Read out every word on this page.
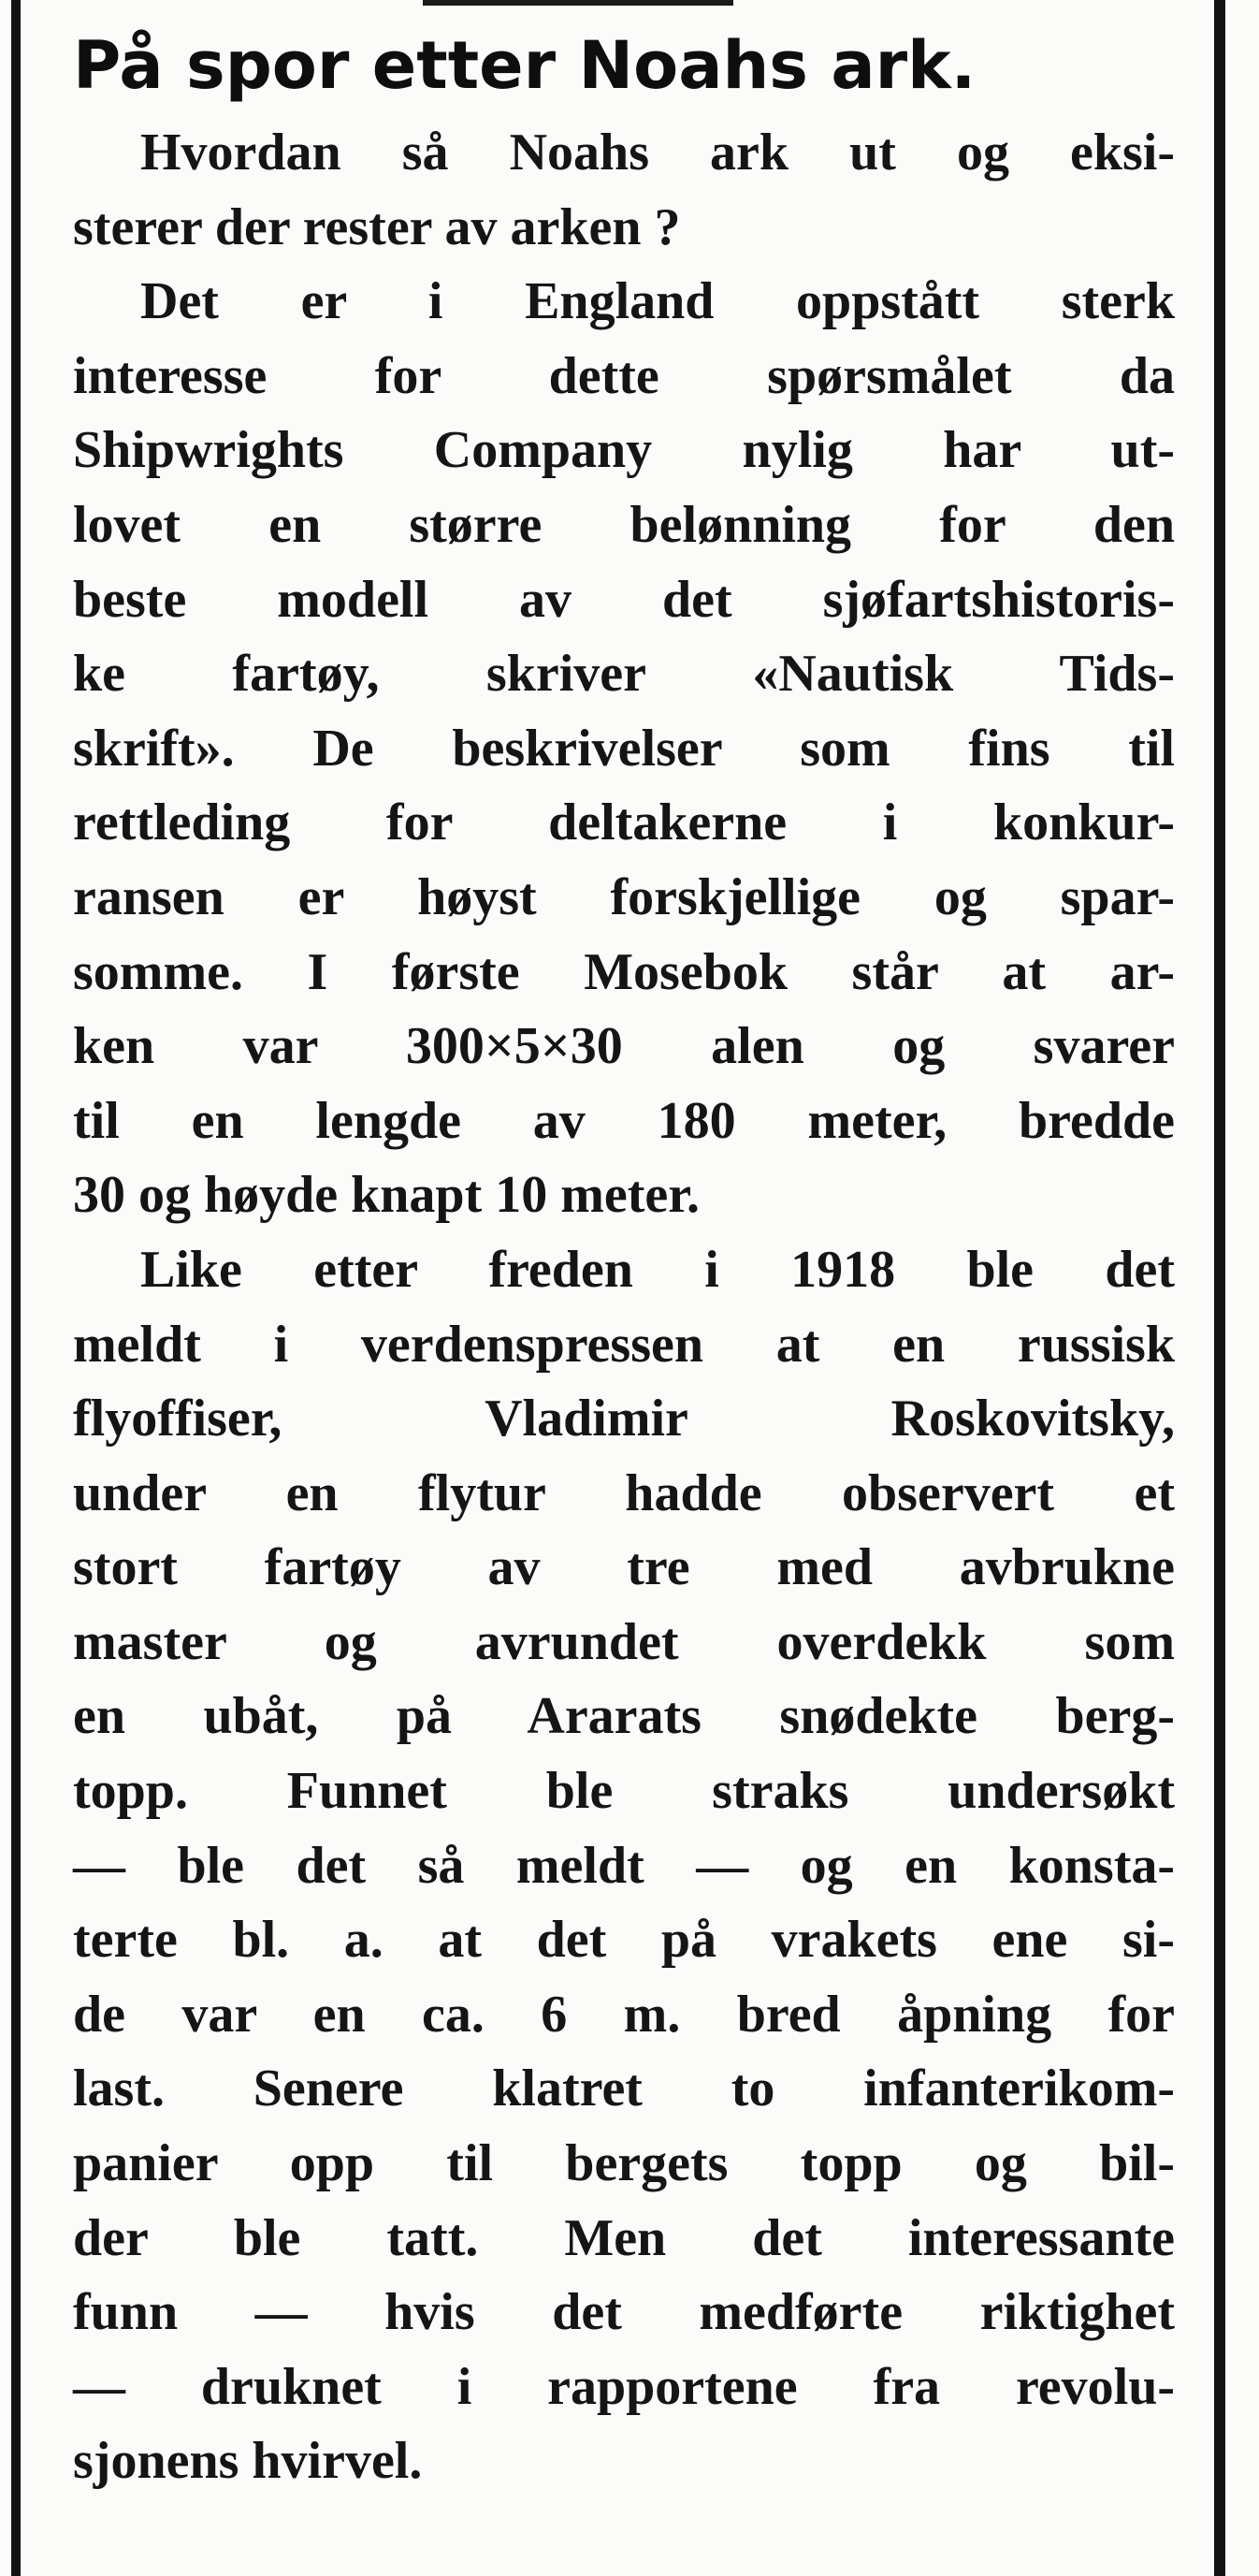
På spor etter Noahs ark.

Hvordan så Noahs ark ut og eksi-
sterer der rester av arken ?

Det er i England oppstått sterk
interesse for dette spørsmålet da
Shipwrights Company nylig har ut-
lovet en større belønning for den
beste modell av det sjøfartshistoris-
ke fartøy, skriver «Nautisk Tids-
skrift». De beskrivelser som fins til
rettleding for deltakerne i konkur-
ransen er høyst forskjellige og spar-
somme. I første Mosebok står at ar-
ken var 300×5×30 alen og svarer
til en lengde av 180 meter, bredde
30 og høyde knapt 10 meter.

Like etter freden i 1918 ble det
meldt i verdenspressen at en russisk
flyoffiser, Vladimir Roskovitsky,
under en flytur hadde observert et
stort fartøy av tre med avbrukne
master og avrundet overdekk som
en ubåt, på Ararats snødekte berg-
topp. Funnet ble straks undersøkt
— ble det så meldt — og en konsta-
terte bl. a. at det på vrakets ene si-
de var en ca. 6 m. bred åpning for
last. Senere klatret to infanterikom-
panier opp til bergets topp og bil-
der ble tatt. Men det interessante
funn — hvis det medførte riktighet
— druknet i rapportene fra revolu-
sjonens hvirvel.
